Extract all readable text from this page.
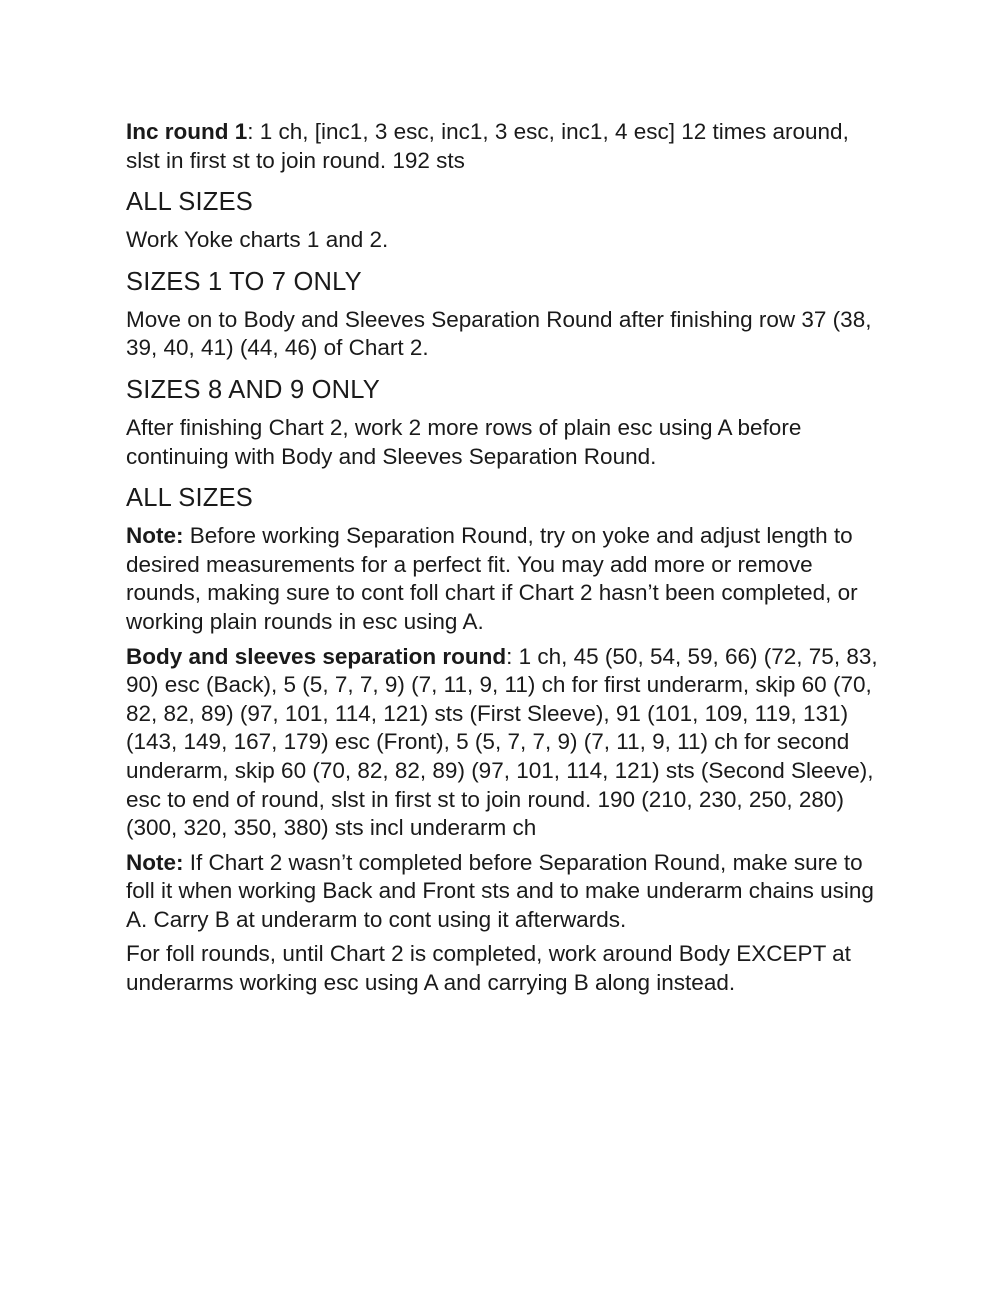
Inc round 1: 1 ch, [inc1, 3 esc, inc1, 3 esc, inc1, 4 esc] 12 times around, slst in first st to join round. 192 sts

ALL SIZES

Work Yoke charts 1 and 2.

SIZES 1 TO 7 ONLY

Move on to Body and Sleeves Separation Round after finishing row 37 (38, 39, 40, 41) (44, 46) of Chart 2.

SIZES 8 AND 9 ONLY

After finishing Chart 2, work 2 more rows of plain esc using A before continuing with Body and Sleeves Separation Round.

ALL SIZES

Note: Before working Separation Round, try on yoke and adjust length to desired measurements for a perfect fit. You may add more or remove rounds, making sure to cont foll chart if Chart 2 hasn’t been completed, or working plain rounds in esc using A.

Body and sleeves separation round: 1 ch, 45 (50, 54, 59, 66) (72, 75, 83, 90) esc (Back), 5 (5, 7, 7, 9) (7, 11, 9, 11) ch for first underarm, skip 60 (70, 82, 82, 89) (97, 101, 114, 121) sts (First Sleeve), 91 (101, 109, 119, 131) (143, 149, 167, 179) esc (Front), 5 (5, 7, 7, 9) (7, 11, 9, 11) ch for second underarm, skip 60 (70, 82, 82, 89) (97, 101, 114, 121) sts (Second Sleeve), esc to end of round, slst in first st to join round. 190 (210, 230, 250, 280) (300, 320, 350, 380) sts incl underarm ch

Note: If Chart 2 wasn’t completed before Separation Round, make sure to foll it when working Back and Front sts and to make underarm chains using A. Carry B at underarm to cont using it afterwards.

For foll rounds, until Chart 2 is completed, work around Body EXCEPT at underarms working esc using A and carrying B along instead.
